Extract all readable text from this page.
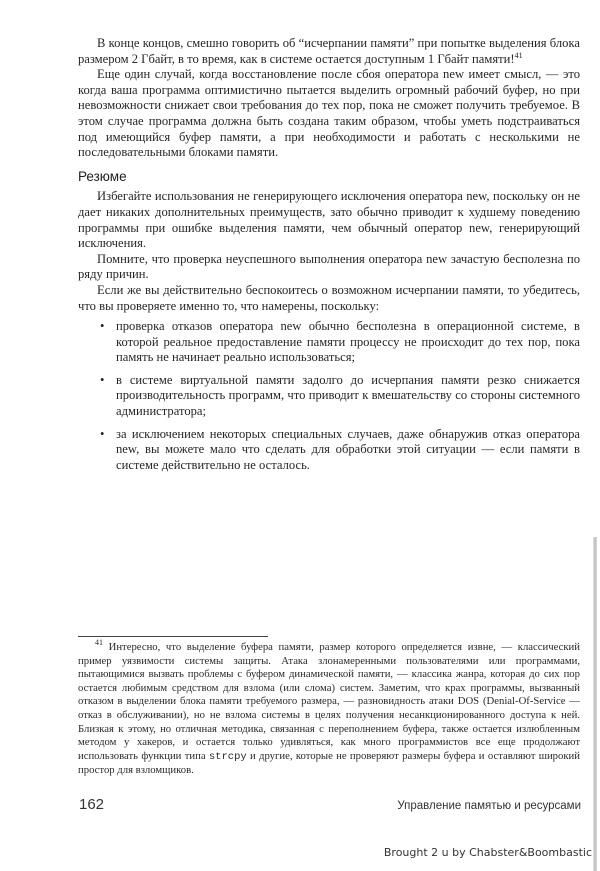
В конце концов, смешно говорить об “исчерпании памяти” при попытке выделения блока размером 2 Гбайт, в то время, как в системе остается доступным 1 Гбайт памяти!$^{41}$

Еще один случай, когда восстановление после сбоя оператора new имеет смысл, — это когда ваша программа оптимистично пытается выделить огромный рабочий буфер, но при невозможности снижает свои требования до тех пор, пока не сможет получить требуемое. В этом случае программа должна быть создана таким образом, чтобы уметь подстраиваться под имеющийся буфер памяти, а при необходимости и работать с несколькими не последовательными блоками памяти.

Резюме

Избегайте использования не генерирующего исключения оператора new, поскольку он не дает никаких дополнительных преимуществ, зато обычно приводит к худшему поведению программы при ошибке выделения памяти, чем обычный оператор new, генерирующий исключения.

Помните, что проверка неуспешного выполнения оператора new зачастую бесполезна по ряду причин.

Если же вы действительно беспокоитесь о возможном исчерпании памяти, то убедитесь, что вы проверяете именно то, что намерены, поскольку:

• проверка отказов оператора new обычно бесполезна в операционной системе, в которой реальное предоставление памяти процессу не происходит до тех пор, пока память не начинает реально использоваться;
• в системе виртуальной памяти задолго до исчерпания памяти резко снижается производительность программ, что приводит к вмешательству со стороны системного администратора;
• за исключением некоторых специальных случаев, даже обнаружив отказ оператора new, вы можете мало что сделать для обработки этой ситуации — если памяти в системе действительно не осталось.

$^{41}$ Интересно, что выделение буфера памяти, размер которого определяется извне, — классический пример уязвимости системы защиты. Атака злонамеренными пользователями или программами, пытающимися вызвать проблемы с буфером динамической памяти, — классика жанра, которая до сих пор остается любимым средством для взлома (или слома) систем. Заметим, что крах программы, вызванный отказом в выделении блока памяти требуемого размера, — разновидность атаки DOS (Denial-Of-Service — отказ в обслуживании), но не взлома системы в целях получения несанкционированного доступа к ней. Близкая к этому, но отличная методика, связанная с переполнением буфера, также остается излюбленным методом у хакеров, и остается только удивляться, как много программистов все еще продолжают использовать функции типа strcpy и другие, которые не проверяют размеры буфера и оставляют широкий простор для взломщиков.

162	Управление памятью и ресурсами
Brought 2 u by Chabster&Boombastic
